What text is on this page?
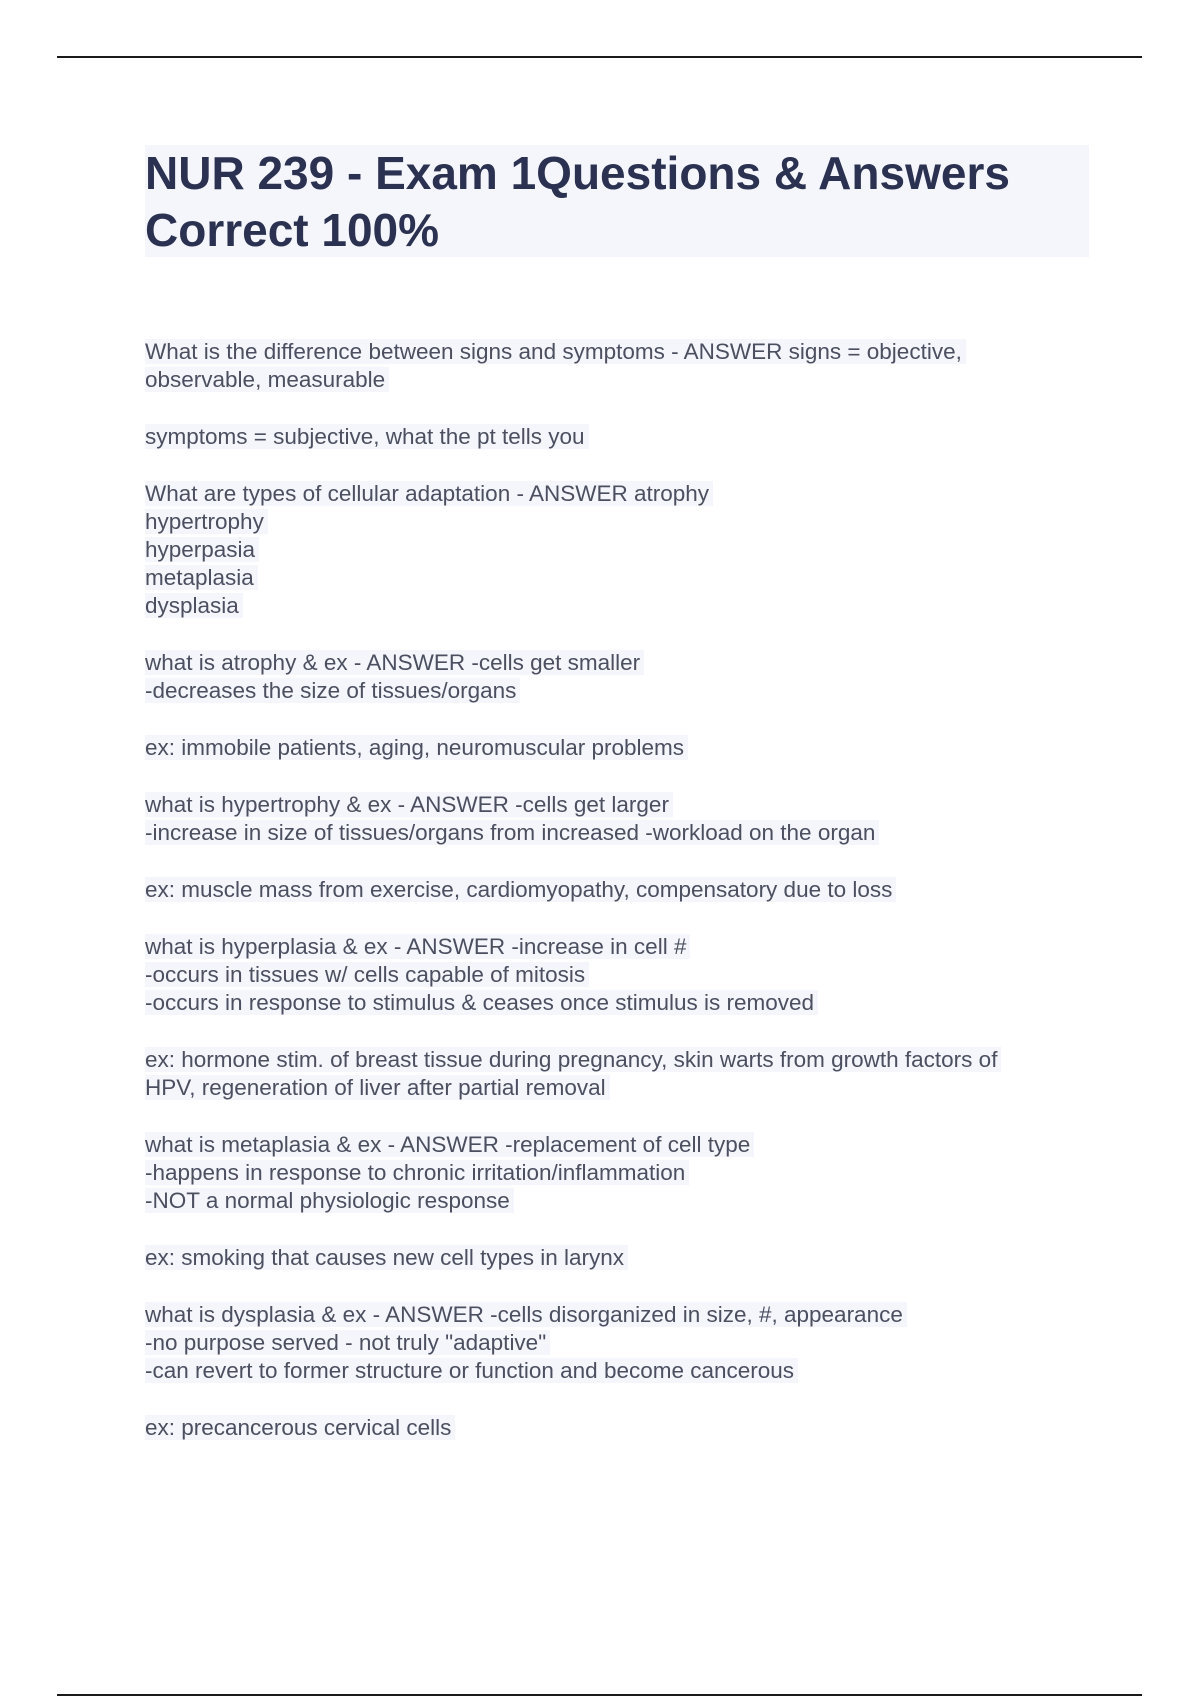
NUR 239 - Exam 1Questions & Answers
Correct 100%
What is the difference between signs and symptoms - ANSWER signs = objective,
observable, measurable
symptoms = subjective, what the pt tells you
What are types of cellular adaptation - ANSWER atrophy
hypertrophy
hyperpasia
metaplasia
dysplasia
what is atrophy & ex - ANSWER -cells get smaller
-decreases the size of tissues/organs
ex: immobile patients, aging, neuromuscular problems
what is hypertrophy & ex - ANSWER -cells get larger
-increase in size of tissues/organs from increased -workload on the organ
ex: muscle mass from exercise, cardiomyopathy, compensatory due to loss
what is hyperplasia & ex - ANSWER -increase in cell #
-occurs in tissues w/ cells capable of mitosis
-occurs in response to stimulus & ceases once stimulus is removed
ex: hormone stim. of breast tissue during pregnancy, skin warts from growth factors of
HPV, regeneration of liver after partial removal
what is metaplasia & ex - ANSWER -replacement of cell type
-happens in response to chronic irritation/inflammation
-NOT a normal physiologic response
ex: smoking that causes new cell types in larynx
what is dysplasia & ex - ANSWER -cells disorganized in size, #, appearance
-no purpose served - not truly "adaptive"
-can revert to former structure or function and become cancerous
ex: precancerous cervical cells
